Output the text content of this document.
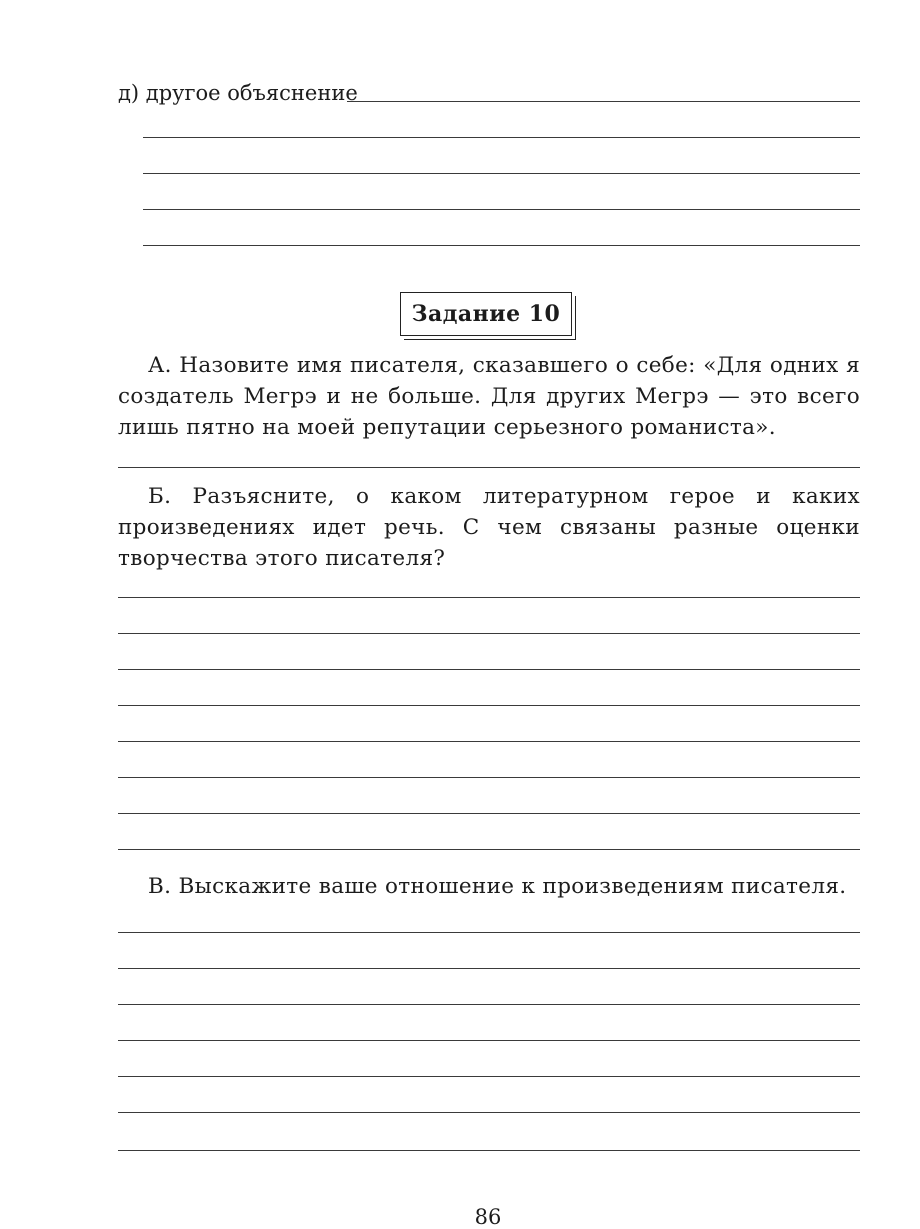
д) другое объяснение
Задание 10
А. Назовите имя писателя, сказавшего о себе: «Для одних я создатель Мегрэ и не больше. Для других Мегрэ — это всего лишь пятно на моей репутации серьезного романиста».
Б. Разъясните, о каком литературном герое и каких произведениях идет речь. С чем связаны разные оценки творчества этого писателя?
В. Выскажите ваше отношение к произведениям писателя.
86
